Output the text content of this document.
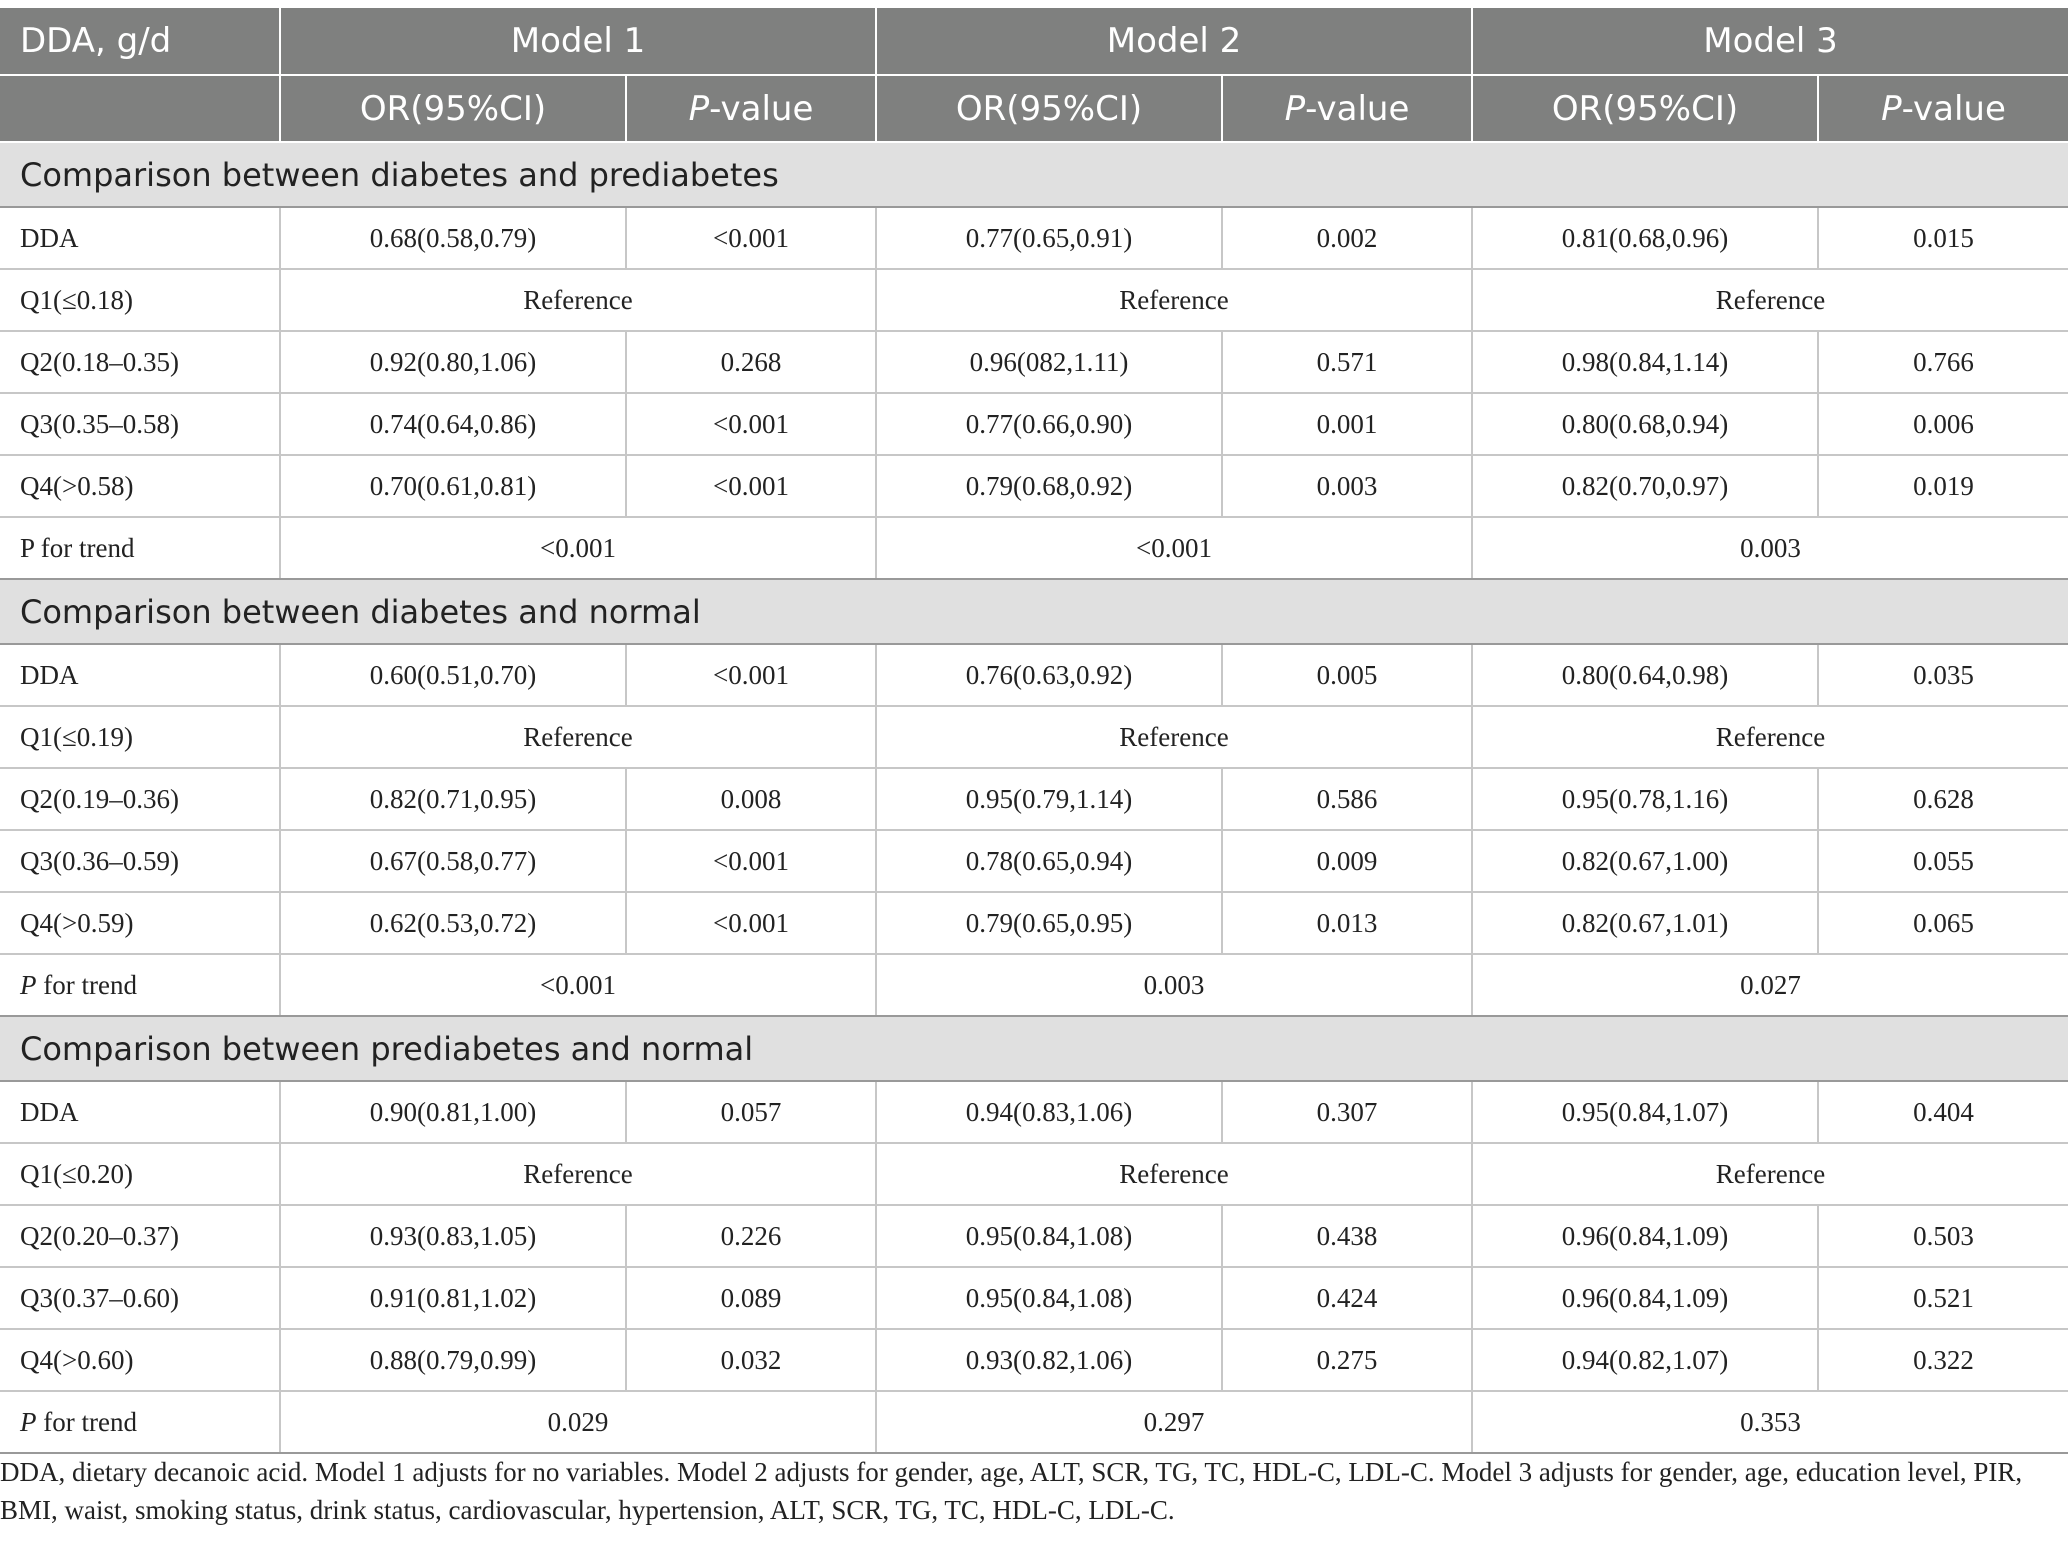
DDA, g/d	Model 1		Model 2		Model 3	
	OR(95%CI)	P-value	OR(95%CI)	P-value	OR(95%CI)	P-value
Comparison between diabetes and prediabetes						
DDA	0.68(0.58,0.79)	<0.001	0.77(0.65,0.91)	0.002	0.81(0.68,0.96)	0.015
Q1(≤0.18)	Reference		Reference		Reference	
Q2(0.18–0.35)	0.92(0.80,1.06)	0.268	0.96(082,1.11)	0.571	0.98(0.84,1.14)	0.766
Q3(0.35–0.58)	0.74(0.64,0.86)	<0.001	0.77(0.66,0.90)	0.001	0.80(0.68,0.94)	0.006
Q4(>0.58)	0.70(0.61,0.81)	<0.001	0.79(0.68,0.92)	0.003	0.82(0.70,0.97)	0.019
P for trend	<0.001		<0.001		0.003	
Comparison between diabetes and normal						
DDA	0.60(0.51,0.70)	<0.001	0.76(0.63,0.92)	0.005	0.80(0.64,0.98)	0.035
Q1(≤0.19)	Reference		Reference		Reference	
Q2(0.19–0.36)	0.82(0.71,0.95)	0.008	0.95(0.79,1.14)	0.586	0.95(0.78,1.16)	0.628
Q3(0.36–0.59)	0.67(0.58,0.77)	<0.001	0.78(0.65,0.94)	0.009	0.82(0.67,1.00)	0.055
Q4(>0.59)	0.62(0.53,0.72)	<0.001	0.79(0.65,0.95)	0.013	0.82(0.67,1.01)	0.065
P for trend	<0.001		0.003		0.027	
Comparison between prediabetes and normal						
DDA	0.90(0.81,1.00)	0.057	0.94(0.83,1.06)	0.307	0.95(0.84,1.07)	0.404
Q1(≤0.20)	Reference		Reference		Reference	
Q2(0.20–0.37)	0.93(0.83,1.05)	0.226	0.95(0.84,1.08)	0.438	0.96(0.84,1.09)	0.503
Q3(0.37–0.60)	0.91(0.81,1.02)	0.089	0.95(0.84,1.08)	0.424	0.96(0.84,1.09)	0.521
Q4(>0.60)	0.88(0.79,0.99)	0.032	0.93(0.82,1.06)	0.275	0.94(0.82,1.07)	0.322
P for trend	0.029		0.297		0.353	

DDA, dietary decanoic acid. Model 1 adjusts for no variables. Model 2 adjusts for gender, age, ALT, SCR, TG, TC, HDL-C, LDL-C. Model 3 adjusts for gender, age, education level, PIR, BMI, waist, smoking status, drink status, cardiovascular, hypertension, ALT, SCR, TG, TC, HDL-C, LDL-C.
